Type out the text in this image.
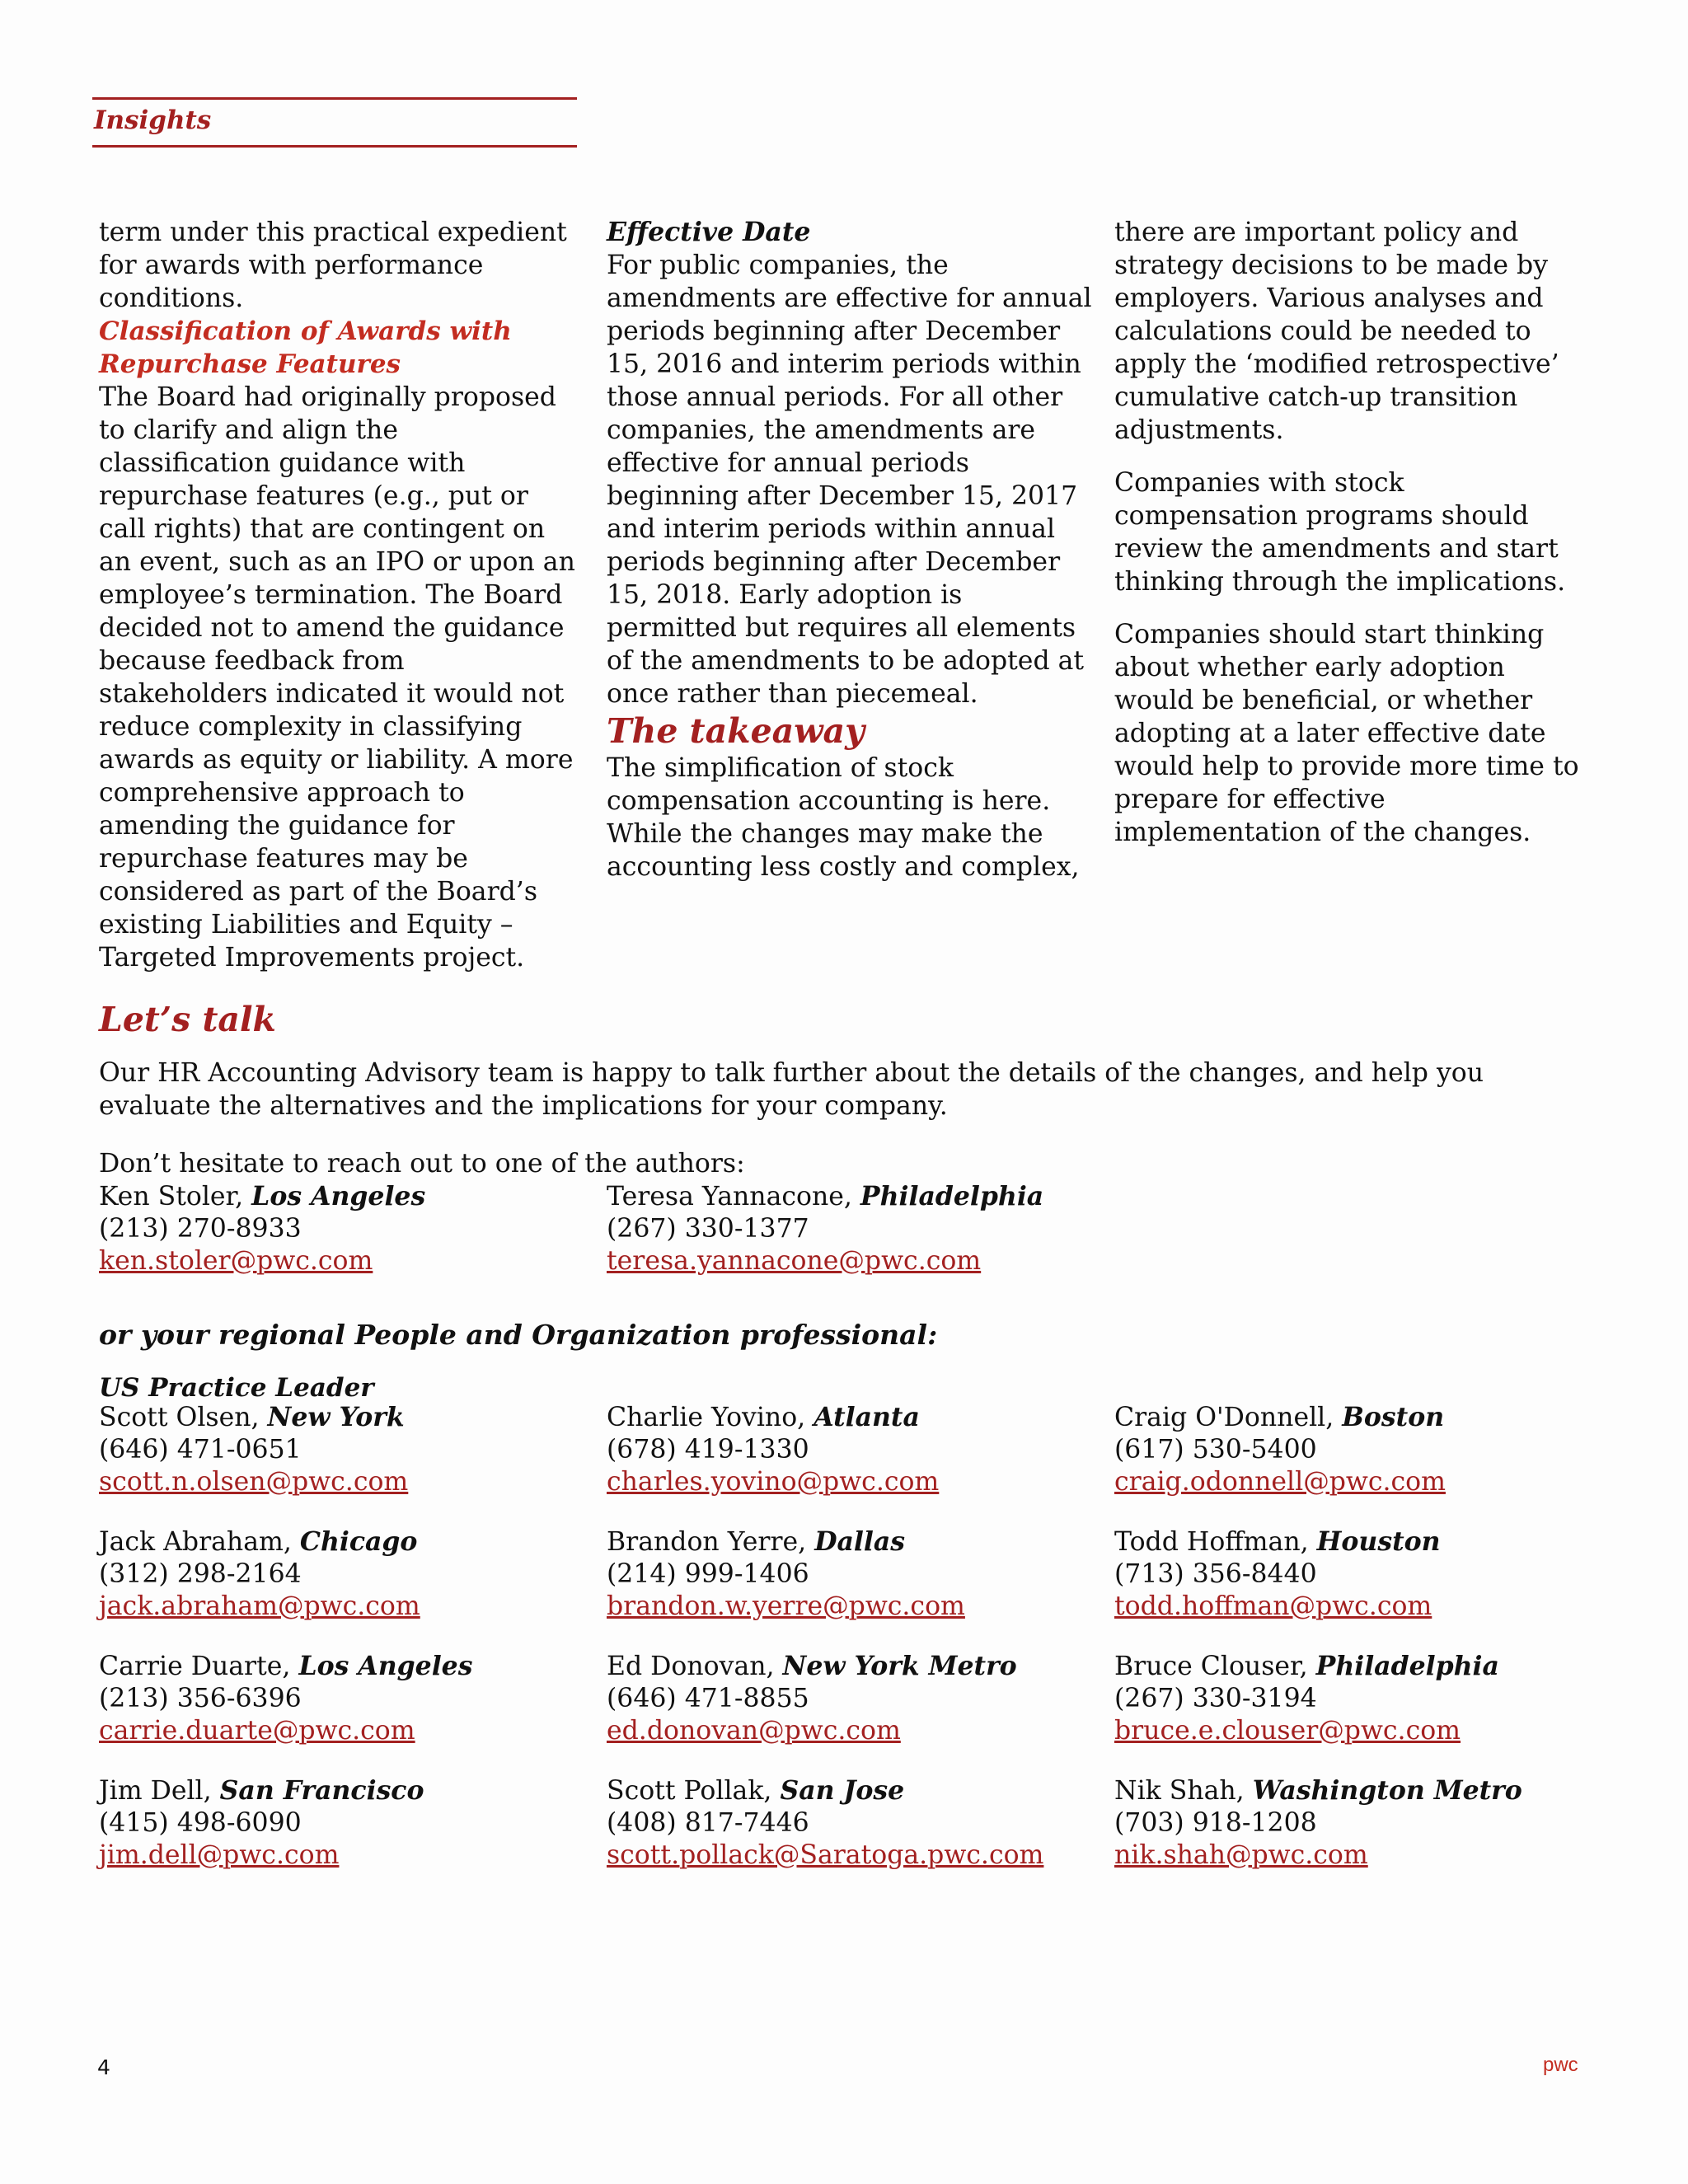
Insights

term under this practical expedient for awards with performance conditions.

Classification of Awards with Repurchase Features

The Board had originally proposed to clarify and align the classification guidance with repurchase features (e.g., put or call rights) that are contingent on an event, such as an IPO or upon an employee’s termination. The Board decided not to amend the guidance because feedback from stakeholders indicated it would not reduce complexity in classifying awards as equity or liability. A more comprehensive approach to amending the guidance for repurchase features may be considered as part of the Board’s existing Liabilities and Equity – Targeted Improvements project.

Effective Date

For public companies, the amendments are effective for annual periods beginning after December 15, 2016 and interim periods within those annual periods. For all other companies, the amendments are effective for annual periods beginning after December 15, 2017 and interim periods within annual periods beginning after December 15, 2018. Early adoption is permitted but requires all elements of the amendments to be adopted at once rather than piecemeal.

The takeaway

The simplification of stock compensation accounting is here. While the changes may make the accounting less costly and complex,

there are important policy and strategy decisions to be made by employers. Various analyses and calculations could be needed to apply the ‘modified retrospective’ cumulative catch-up transition adjustments.

Companies with stock compensation programs should review the amendments and start thinking through the implications.

Companies should start thinking about whether early adoption would be beneficial, or whether adopting at a later effective date would help to provide more time to prepare for effective implementation of the changes.

Let’s talk

Our HR Accounting Advisory team is happy to talk further about the details of the changes, and help you evaluate the alternatives and the implications for your company.

Don’t hesitate to reach out to one of the authors:

Ken Stoler, Los Angeles
(213) 270-8933
ken.stoler@pwc.com
Teresa Yannacone, Philadelphia
(267) 330-1377
teresa.yannacone@pwc.com
or your regional People and Organization professional:
US Practice Leader
Scott Olsen, New York
(646) 471-0651
scott.n.olsen@pwc.com
Charlie Yovino, Atlanta
(678) 419-1330
charles.yovino@pwc.com
Craig O'Donnell, Boston
(617) 530-5400
craig.odonnell@pwc.com
Jack Abraham, Chicago
(312) 298-2164
jack.abraham@pwc.com
Brandon Yerre, Dallas
(214) 999-1406
brandon.w.yerre@pwc.com
Todd Hoffman, Houston
(713) 356-8440
todd.hoffman@pwc.com
Carrie Duarte, Los Angeles
(213) 356-6396
carrie.duarte@pwc.com
Ed Donovan, New York Metro
(646) 471-8855
ed.donovan@pwc.com
Bruce Clouser, Philadelphia
(267) 330-3194
bruce.e.clouser@pwc.com
Jim Dell, San Francisco
(415) 498-6090
jim.dell@pwc.com
Scott Pollak, San Jose
(408) 817-7446
scott.pollack@Saratoga.pwc.com
Nik Shah, Washington Metro
(703) 918-1208
nik.shah@pwc.com
4	pwc
